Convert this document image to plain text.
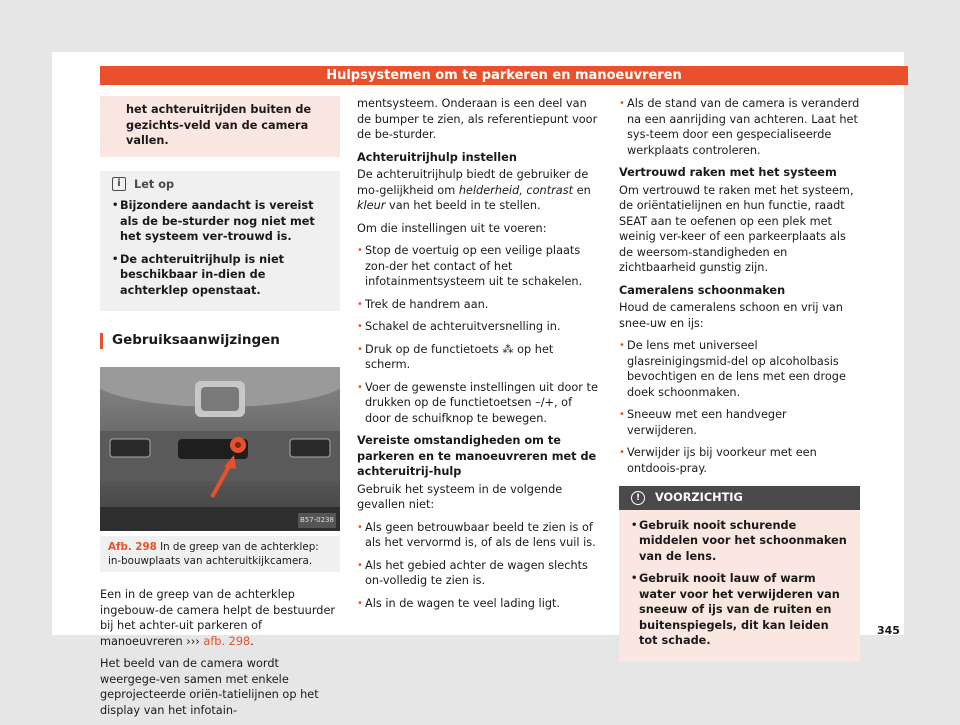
Hulpsystemen om te parkeren en manoeuvreren
het achteruitrijden buiten de gezichts-veld van de camera vallen.
i	Let op
• Bijzondere aandacht is vereist als de be-sturder nog niet met het systeem ver-trouwd is.
• De achteruitrijhulp is niet beschikbaar in-dien de achterklep openstaat.
Gebruiksaanwijzingen
B57-0238
Afb. 298 In de greep van de achterklep: in-bouwplaats van achteruitkijkcamera.

Een in de greep van de achterklep ingebouw-de camera helpt de bestuurder bij het achter-uit parkeren of manoeuvreren ››› afb. 298.

Het beeld van de camera wordt weergege-ven samen met enkele geprojecteerde oriën-tatielijnen op het display van het infotain-

mentsysteem. Onderaan is een deel van de bumper te zien, als referentiepunt voor de be-sturder.

Achteruitrijhulp instellen

De achteruitrijhulp biedt de gebruiker de mo-gelijkheid om helderheid, contrast en kleur van het beeld in te stellen.

Om die instellingen uit te voeren:

• Stop de voertuig op een veilige plaats zon-der het contact of het infotainmentsysteem uit te schakelen.
• Trek de handrem aan.
• Schakel de achteruitversnelling in.
• Druk op de functietoets ⁂ op het scherm.
• Voer de gewenste instellingen uit door te drukken op de functietoetsen –/+, of door de schuifknop te bewegen.

Vereiste omstandigheden om te parkeren en te manoeuvreren met de achteruitrij-hulp

Gebruik het systeem in de volgende gevallen niet:

• Als geen betrouwbaar beeld te zien is of als het vervormd is, of als de lens vuil is.
• Als het gebied achter de wagen slechts on-volledig te zien is.
• Als in de wagen te veel lading ligt.
• Als de stand van de camera is veranderd na een aanrijding van achteren. Laat het sys-teem door een gespecialiseerde werkplaats controleren.

Vertrouwd raken met het systeem

Om vertrouwd te raken met het systeem, de oriëntatielijnen en hun functie, raadt SEAT aan te oefenen op een plek met weinig ver-keer of een parkeerplaats als de weersom-standigheden en zichtbaarheid gunstig zijn.

Cameralens schoonmaken

Houd de cameralens schoon en vrij van snee-uw en ijs:

• De lens met universeel glasreinigingsmid-del op alcoholbasis bevochtigen en de lens met een droge doek schoonmaken.
• Sneeuw met een handveger verwijderen.
• Verwijder ijs bij voorkeur met een ontdoois-pray.
!	VOORZICHTIG
• Gebruik nooit schurende middelen voor het schoonmaken van de lens.
• Gebruik nooit lauw of warm water voor het verwijderen van sneeuw of ijs van de ruiten en buitenspiegels, dit kan leiden tot schade.
345
